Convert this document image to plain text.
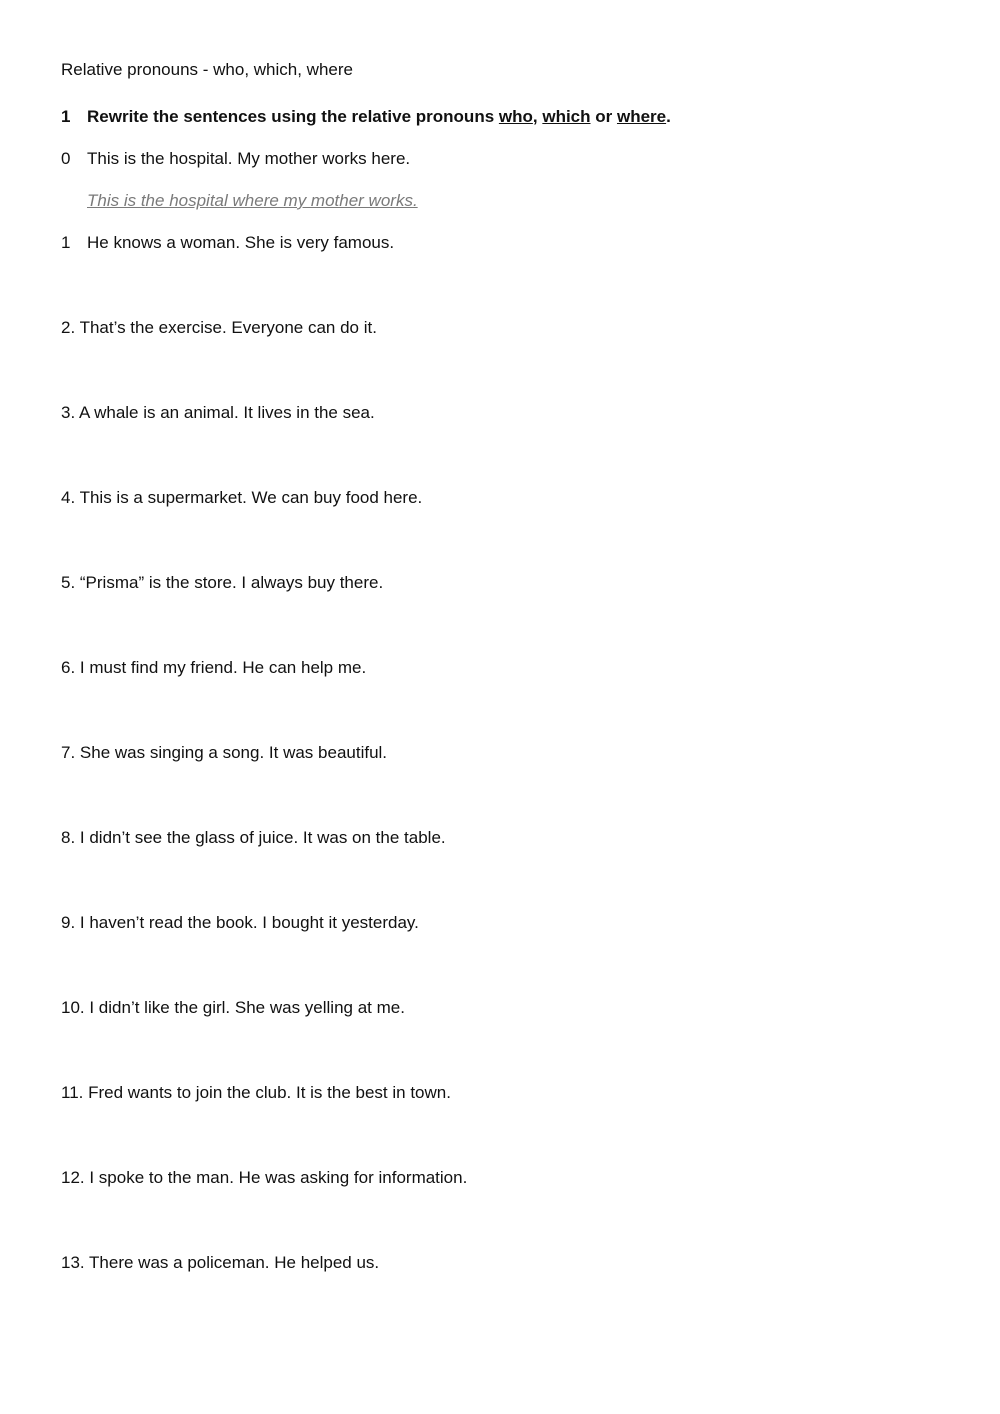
Relative pronouns - who, which, where
1 Rewrite the sentences using the relative pronouns who, which or where.
0 This is the hospital. My mother works here.
This is the hospital where my mother works.
1 He knows a woman. She is very famous.
2. That’s the exercise. Everyone can do it.
3. A whale is an animal. It lives in the sea.
4. This is a supermarket. We can buy food here.
5. “Prisma” is the store. I always buy there.
6. I must find my friend. He can help me.
7. She was singing a song. It was beautiful.
8. I didn’t see the glass of juice. It was on the table.
9. I haven’t read the book. I bought it yesterday.
10. I didn’t like the girl. She was yelling at me.
11. Fred wants to join the club. It is the best in town.
12. I spoke to the man. He was asking for information.
13. There was a policeman. He helped us.
